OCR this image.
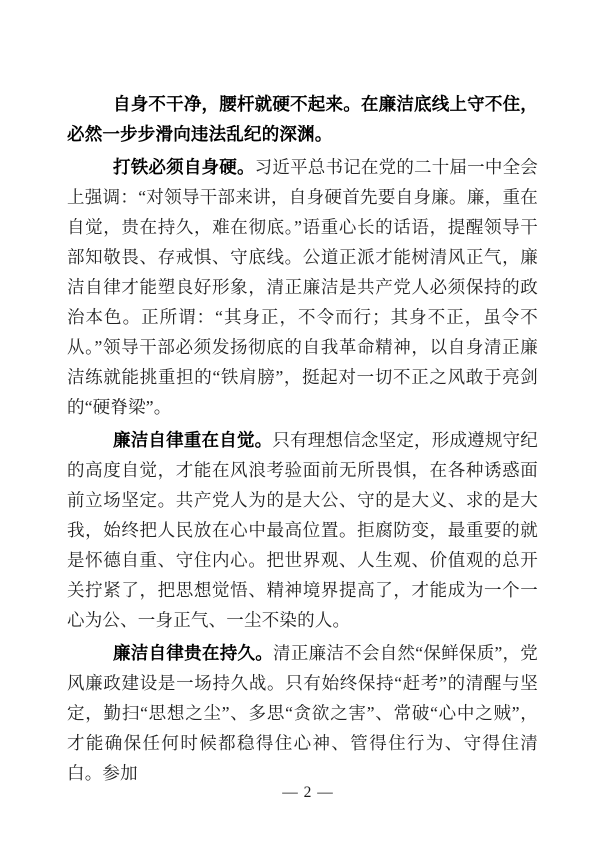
自身不干净，腰杆就硬不起来。在廉洁底线上守不住，必然一步步滑向违法乱纪的深渊。

打铁必须自身硬。习近平总书记在党的二十届一中全会上强调：“对领导干部来讲，自身硬首先要自身廉。廉，重在自觉，贵在持久，难在彻底。”语重心长的话语，提醒领导干部知敬畏、存戒惧、守底线。公道正派才能树清风正气，廉洁自律才能塑良好形象，清正廉洁是共产党人必须保持的政治本色。正所谓：“其身正，不令而行；其身不正，虽令不从。”领导干部必须发扬彻底的自我革命精神，以自身清正廉洁练就能挑重担的“铁肩膀”，挺起对一切不正之风敢于亮剑的“硬脊梁”。

廉洁自律重在自觉。只有理想信念坚定，形成遵规守纪的高度自觉，才能在风浪考验面前无所畏惧，在各种诱惑面前立场坚定。共产党人为的是大公、守的是大义、求的是大我，始终把人民放在心中最高位置。拒腐防变，最重要的就是怀德自重、守住内心。把世界观、人生观、价值观的总开关拧紧了，把思想觉悟、精神境界提高了，才能成为一个一心为公、一身正气、一尘不染的人。

廉洁自律贵在持久。清正廉洁不会自然“保鲜保质”，党风廉政建设是一场持久战。只有始终保持“赶考”的清醒与坚定，勤扫“思想之尘”、多思“贪欲之害”、常破“心中之贼”，才能确保任何时候都稳得住心神、管得住行为、守得住清白。参加

— 2 —
